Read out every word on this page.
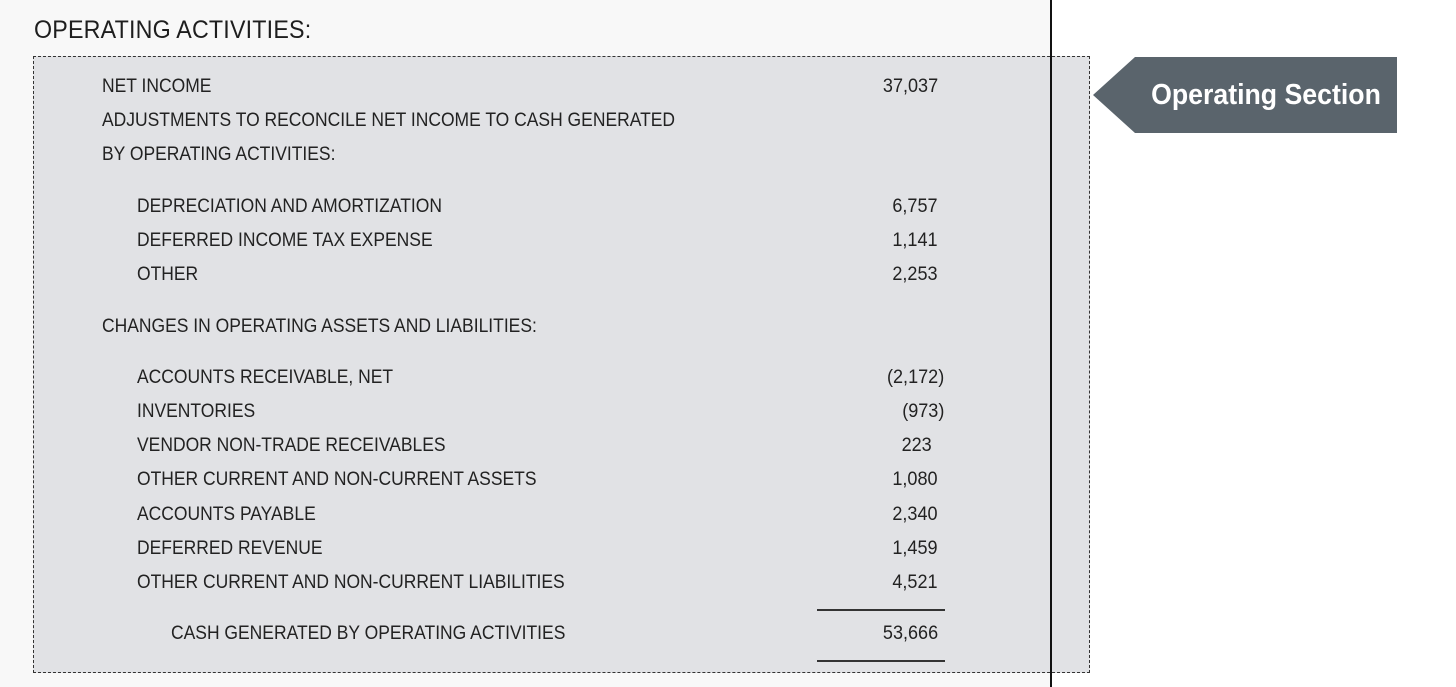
OPERATING ACTIVITIES:
NET INCOME	37,037
ADJUSTMENTS TO RECONCILE NET INCOME TO CASH GENERATED
BY OPERATING ACTIVITIES:
DEPRECIATION AND AMORTIZATION	6,757
DEFERRED INCOME TAX EXPENSE	1,141
OTHER	2,253
CHANGES IN OPERATING ASSETS AND LIABILITIES:
ACCOUNTS RECEIVABLE, NET	(2,172)
INVENTORIES	(973)
VENDOR NON-TRADE RECEIVABLES	223
OTHER CURRENT AND NON-CURRENT ASSETS	1,080
ACCOUNTS PAYABLE	2,340
DEFERRED REVENUE	1,459
OTHER CURRENT AND NON-CURRENT LIABILITIES	4,521
CASH GENERATED BY OPERATING ACTIVITIES	53,666
Operating Section
